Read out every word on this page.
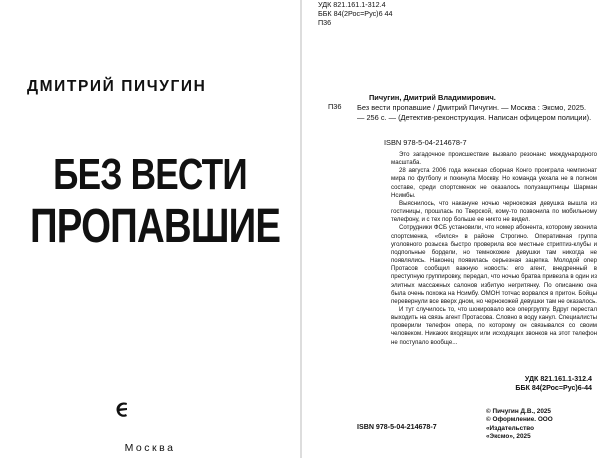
ДМИТРИЙ ПИЧУГИН
БЕЗ ВЕСТИ
ПРОПАВШИЕ
Москва
УДК 821.161.1-312.4
ББК 84(2Рос=Рус)6 44
П36
П36
Пичугин, Дмитрий Владимирович.
Без вести пропавшие / Дмитрий Пичугин. — Москва : Эксмо, 2025. — 256 с. — (Детектив-реконструкция. Написан офицером полиции).
ISBN 978-5-04-214678-7

Это загадочное происшествие вызвало резонанс международного масштаба.

28 августа 2006 года женская сборная Конго проиграла чемпионат мира по футболу и покинула Москву. Но команда уехала не в полном составе, среди спортсменок не оказалось полузащитницы Шарман Нсимбы.

Выяснилось, что накануне ночью чернокожая девушка вышла из гостиницы, прошлась по Тверской, кому-то позвонила по мобильному телефону, и с тех пор больше ее никто не видел.

Сотрудники ФСБ установили, что номер абонента, которому звонила спортсменка, «бился» в районе Строгино. Оперативная группа уголовного розыска быстро проверила все местные стриптиз-клубы и подпольные бордели, но темнокожие девушки там никогда не появлялись. Наконец появилась серьезная зацепка. Молодой опер Протасов сообщил важную новость: его агент, внедренный в преступную группировку, передал, что ночью братва привезла в один из элитных массажных салонов избитую негритянку. По описанию она была очень похожа на Нсимбу. ОМОН тотчас ворвался в притон. Бойцы перевернули все вверх дном, но чернокожей девушки там не оказалось.

И тут случилось то, что шокировало все опергруппу. Вдруг перестал выходить на связь агент Протасова. Словно в воду канул. Специалисты проверили телефон опера, по которому он связывался со своим человеком. Никаких входящих или исходящих звонков на этот телефон не поступало вообще...

УДК 821.161.1-312.4
ББК 84(2Рос=Рус)6-44
ISBN 978-5-04-214678-7
© Пичугин Д.В., 2025
© Оформление. ООО «Издательство
«Эксмо», 2025
